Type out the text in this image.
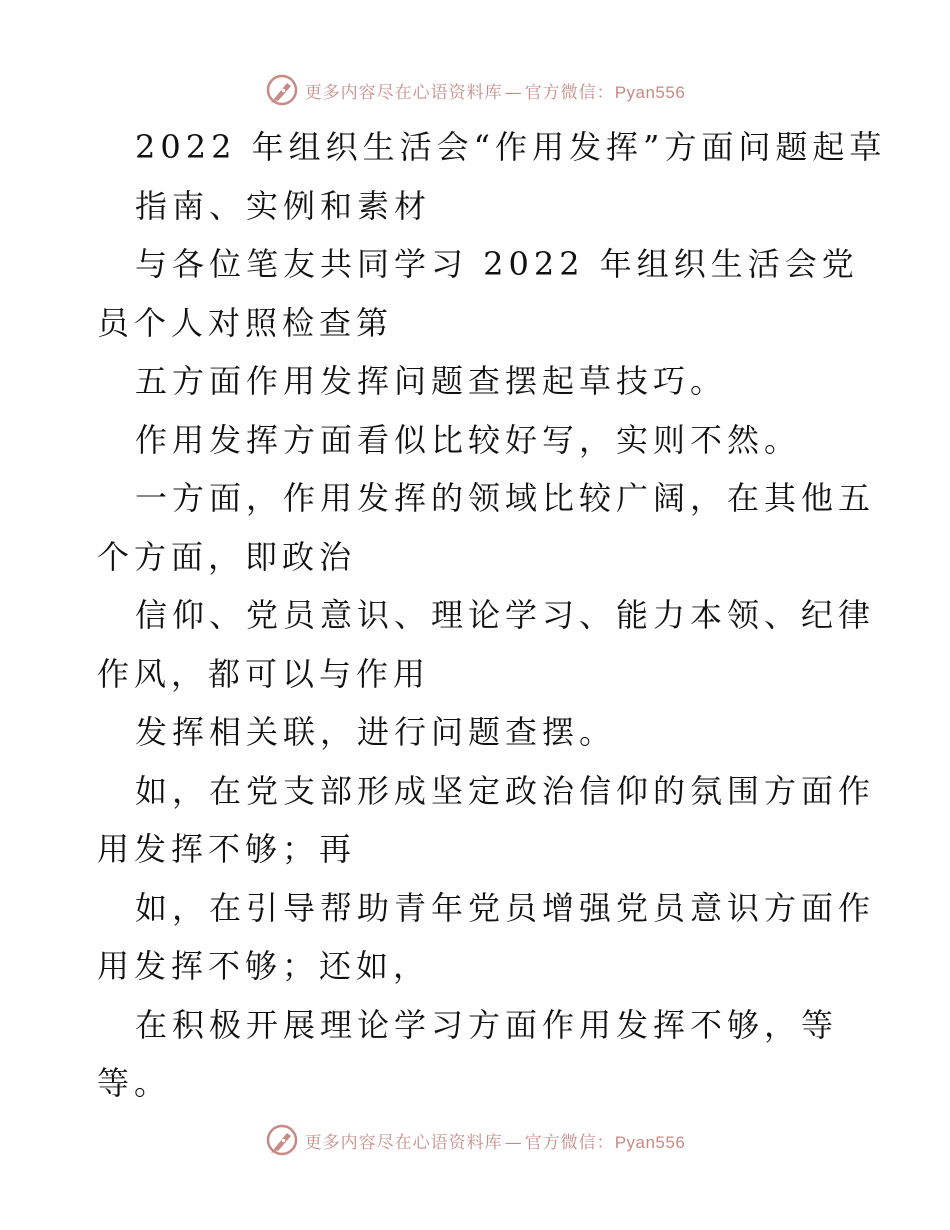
更多内容尽在心语资料库 — 官方微信：Pyan556

2022 年组织生活会“作用发挥”方面问题起草

指南、实例和素材

与各位笔友共同学习 2022 年组织生活会党员个人对照检查第

五方面作用发挥问题查摆起草技巧。

作用发挥方面看似比较好写，实则不然。

一方面，作用发挥的领域比较广阔，在其他五个方面，即政治

信仰、党员意识、理论学习、能力本领、纪律作风，都可以与作用

发挥相关联，进行问题查摆。

如，在党支部形成坚定政治信仰的氛围方面作用发挥不够；再

如，在引导帮助青年党员增强党员意识方面作用发挥不够；还如，

在积极开展理论学习方面作用发挥不够，等等。

更多内容尽在心语资料库 — 官方微信：Pyan556
